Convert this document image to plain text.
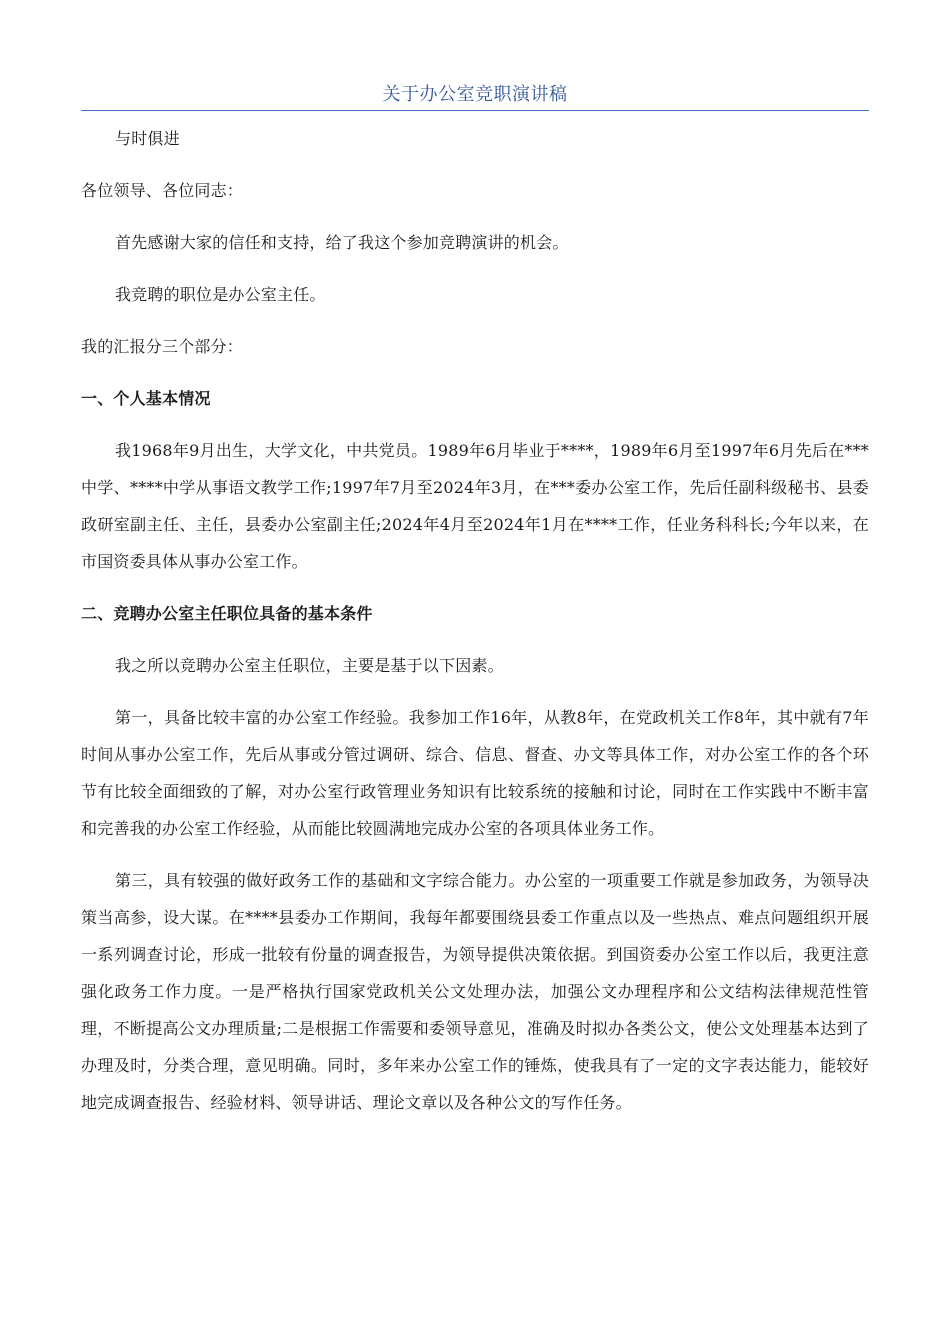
关于办公室竞职演讲稿

与时俱进

各位领导、各位同志：

首先感谢大家的信任和支持，给了我这个参加竞聘演讲的机会。

我竞聘的职位是办公室主任。

我的汇报分三个部分：

一、个人基本情况

我1968年9月出生，大学文化，中共党员。1989年6月毕业于****，1989年6月至1997年6月先后在***中学、****中学从事语文教学工作;1997年7月至2024年3月，在***委办公室工作，先后任副科级秘书、县委政研室副主任、主任，县委办公室副主任;2024年4月至2024年1月在****工作，任业务科科长;今年以来，在市国资委具体从事办公室工作。

二、竞聘办公室主任职位具备的基本条件

我之所以竞聘办公室主任职位，主要是基于以下因素。

第一，具备比较丰富的办公室工作经验。我参加工作16年，从教8年，在党政机关工作8年，其中就有7年时间从事办公室工作，先后从事或分管过调研、综合、信息、督查、办文等具体工作，对办公室工作的各个环节有比较全面细致的了解，对办公室行政管理业务知识有比较系统的接触和讨论，同时在工作实践中不断丰富和完善我的办公室工作经验，从而能比较圆满地完成办公室的各项具体业务工作。

第三，具有较强的做好政务工作的基础和文字综合能力。办公室的一项重要工作就是参加政务，为领导决策当高参，设大谋。在****县委办工作期间，我每年都要围绕县委工作重点以及一些热点、难点问题组织开展一系列调查讨论，形成一批较有份量的调查报告，为领导提供决策依据。到国资委办公室工作以后，我更注意强化政务工作力度。一是严格执行国家党政机关公文处理办法，加强公文办理程序和公文结构法律规范性管理，不断提高公文办理质量;二是根据工作需要和委领导意见，准确及时拟办各类公文，使公文处理基本达到了办理及时，分类合理，意见明确。同时，多年来办公室工作的锤炼，使我具有了一定的文字表达能力，能较好地完成调查报告、经验材料、领导讲话、理论文章以及各种公文的写作任务。
